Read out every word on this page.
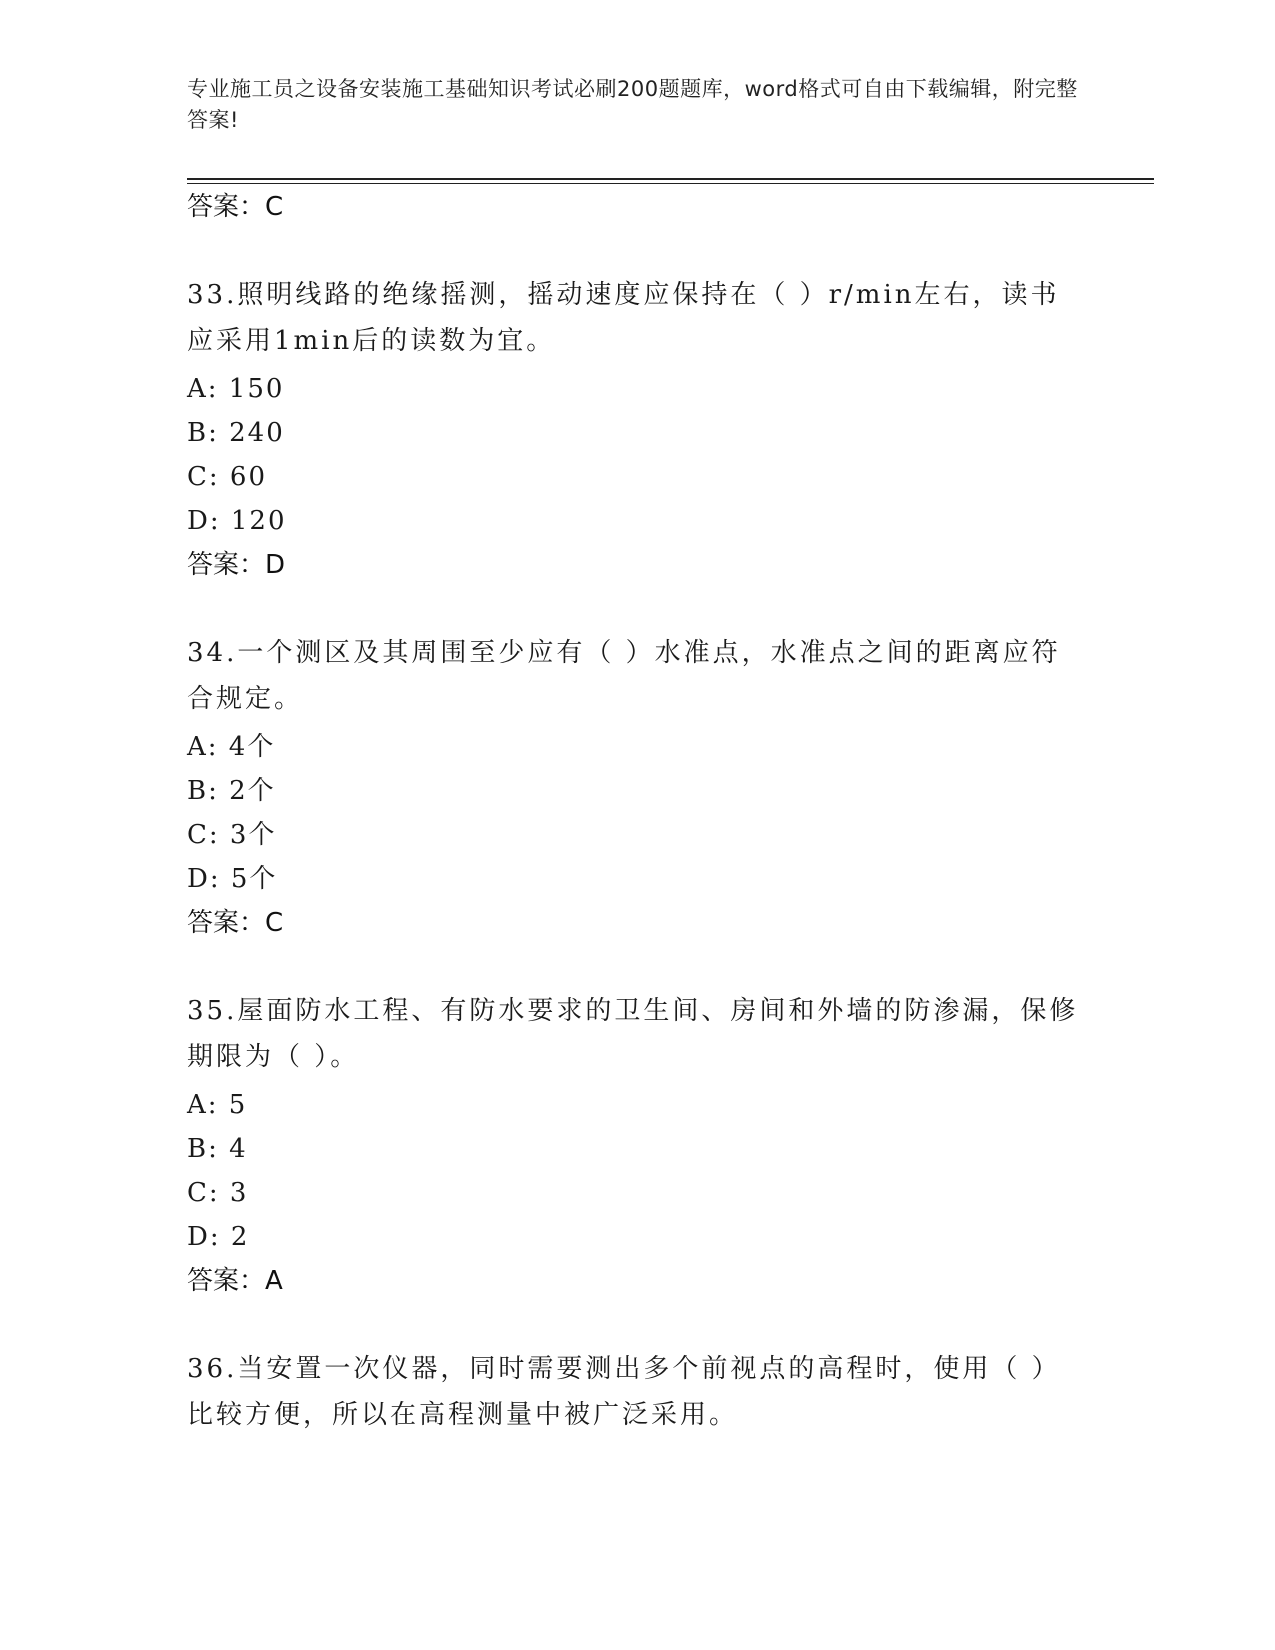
专业施工员之设备安装施工基础知识考试必刷200题题库，word格式可自由下载编辑，附完整答案!
答案：C
33.照明线路的绝缘摇测，摇动速度应保持在（ ）r/min左右，读书应采用1min后的读数为宜。
A: 150
B: 240
C: 60
D: 120
答案：D
34.一个测区及其周围至少应有（ ）水准点，水准点之间的距离应符合规定。
A: 4个
B: 2个
C: 3个
D: 5个
答案：C
35.屋面防水工程、有防水要求的卫生间、房间和外墙的防渗漏，保修期限为（ ）。
A: 5
B: 4
C: 3
D: 2
答案：A
36.当安置一次仪器，同时需要测出多个前视点的高程时，使用（ ）比较方便，所以在高程测量中被广泛采用。
